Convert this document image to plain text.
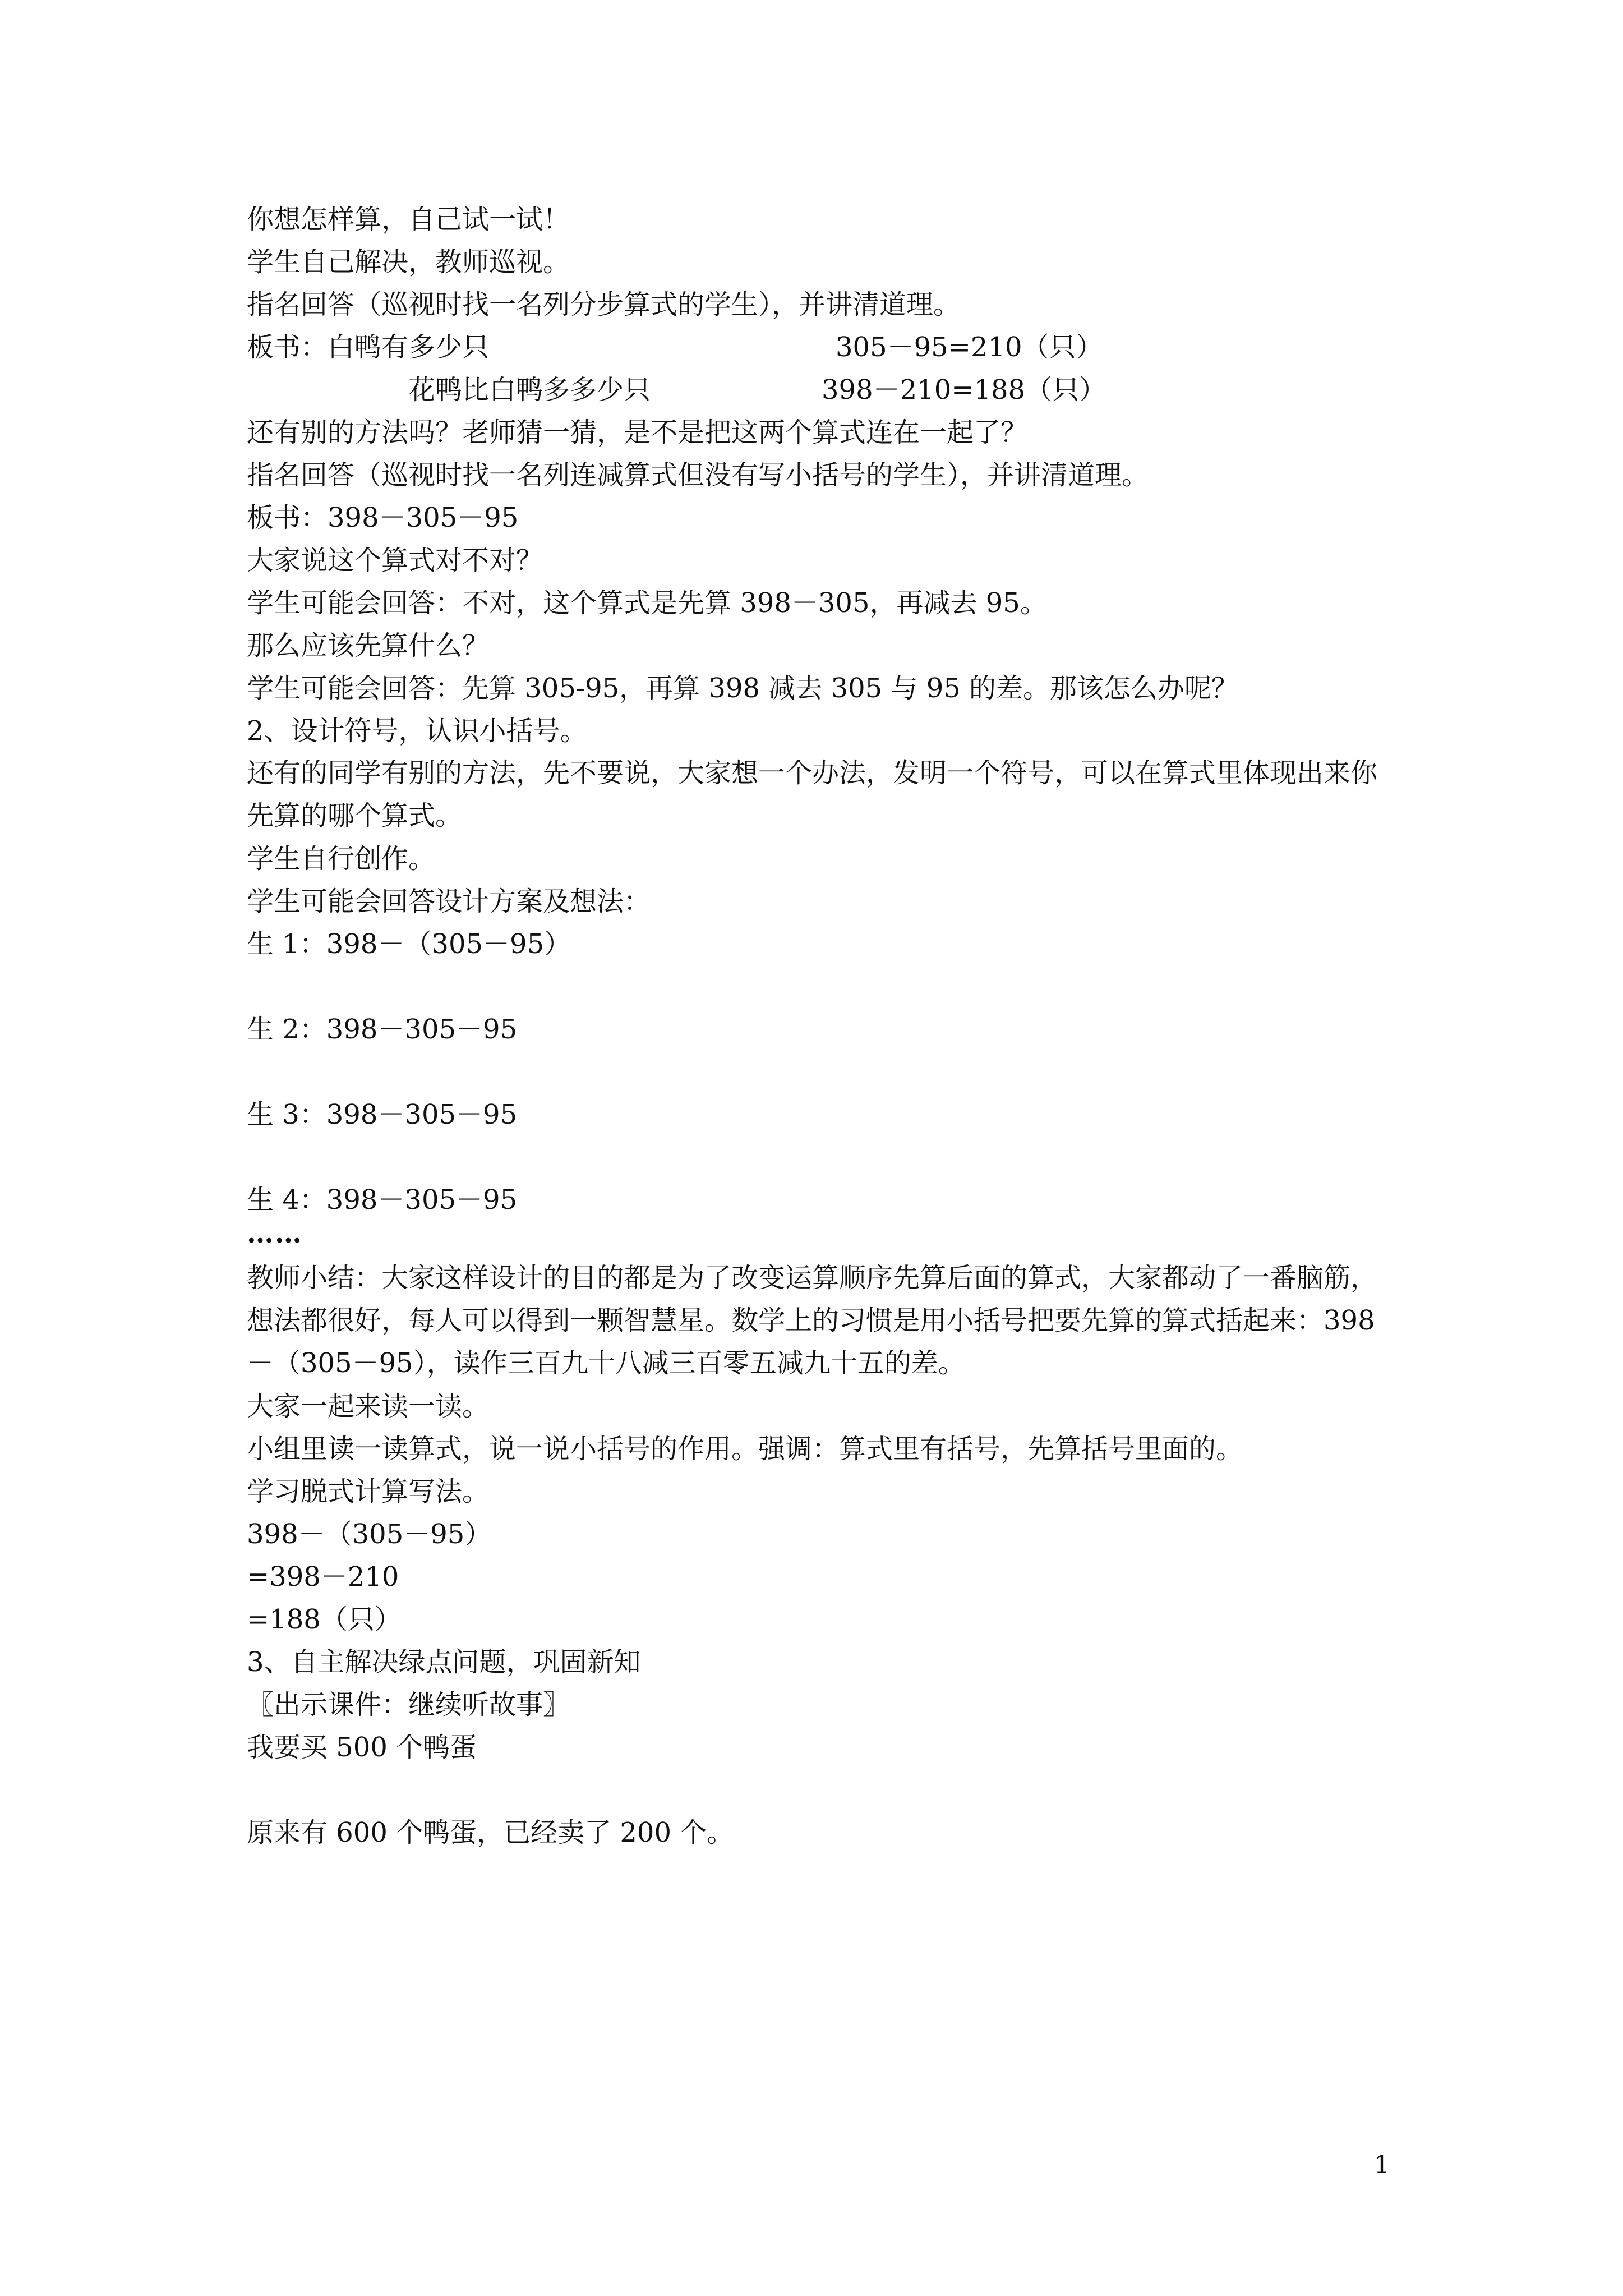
你想怎样算，自己试一试！
学生自己解决，教师巡视。
指名回答（巡视时找一名列分步算式的学生），并讲清道理。
板书：白鸭有多少只	305－95=210（只）
花鸭比白鸭多多少只	398－210=188（只）
还有别的方法吗？老师猜一猜，是不是把这两个算式连在一起了？
指名回答（巡视时找一名列连减算式但没有写小括号的学生），并讲清道理。
板书：398－305－95
大家说这个算式对不对？
学生可能会回答：不对，这个算式是先算 398－305，再减去 95。
那么应该先算什么？
学生可能会回答：先算 305-95，再算 398 减去 305 与 95 的差。那该怎么办呢？
2、设计符号，认识小括号。
还有的同学有别的方法，先不要说，大家想一个办法，发明一个符号，可以在算式里体现出来你先算的哪个算式。
学生自行创作。
学生可能会回答设计方案及想法：
生 1：398－（305－95）
生 2：398－305－95
生 3：398－305－95
生 4：398－305－95
……
教师小结：大家这样设计的目的都是为了改变运算顺序先算后面的算式，大家都动了一番脑筋，想法都很好，每人可以得到一颗智慧星。数学上的习惯是用小括号把要先算的算式括起来：398－（305－95），读作三百九十八减三百零五减九十五的差。
大家一起来读一读。
小组里读一读算式，说一说小括号的作用。强调：算式里有括号，先算括号里面的。
学习脱式计算写法。
398－（305－95）
=398－210
=188（只）
3、自主解决绿点问题，巩固新知
〖出示课件：继续听故事〗
我要买 500 个鸭蛋
原来有 600 个鸭蛋，已经卖了 200 个。
1
